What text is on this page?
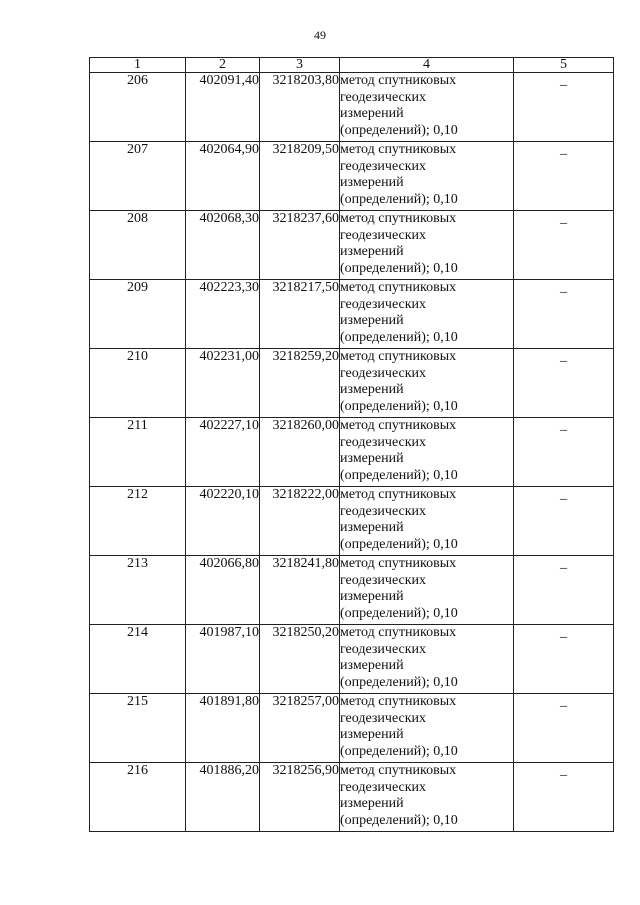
49
1	2	3	4	5
206	402091,40	3218203,80	метод спутниковых
геодезических
измерений
(определений); 0,10	_
207	402064,90	3218209,50	метод спутниковых
геодезических
измерений
(определений); 0,10	_
208	402068,30	3218237,60	метод спутниковых
геодезических
измерений
(определений); 0,10	_
209	402223,30	3218217,50	метод спутниковых
геодезических
измерений
(определений); 0,10	_
210	402231,00	3218259,20	метод спутниковых
геодезических
измерений
(определений); 0,10	_
211	402227,10	3218260,00	метод спутниковых
геодезических
измерений
(определений); 0,10	_
212	402220,10	3218222,00	метод спутниковых
геодезических
измерений
(определений); 0,10	_
213	402066,80	3218241,80	метод спутниковых
геодезических
измерений
(определений); 0,10	_
214	401987,10	3218250,20	метод спутниковых
геодезических
измерений
(определений); 0,10	_
215	401891,80	3218257,00	метод спутниковых
геодезических
измерений
(определений); 0,10	_
216	401886,20	3218256,90	метод спутниковых
геодезических
измерений
(определений); 0,10	_
